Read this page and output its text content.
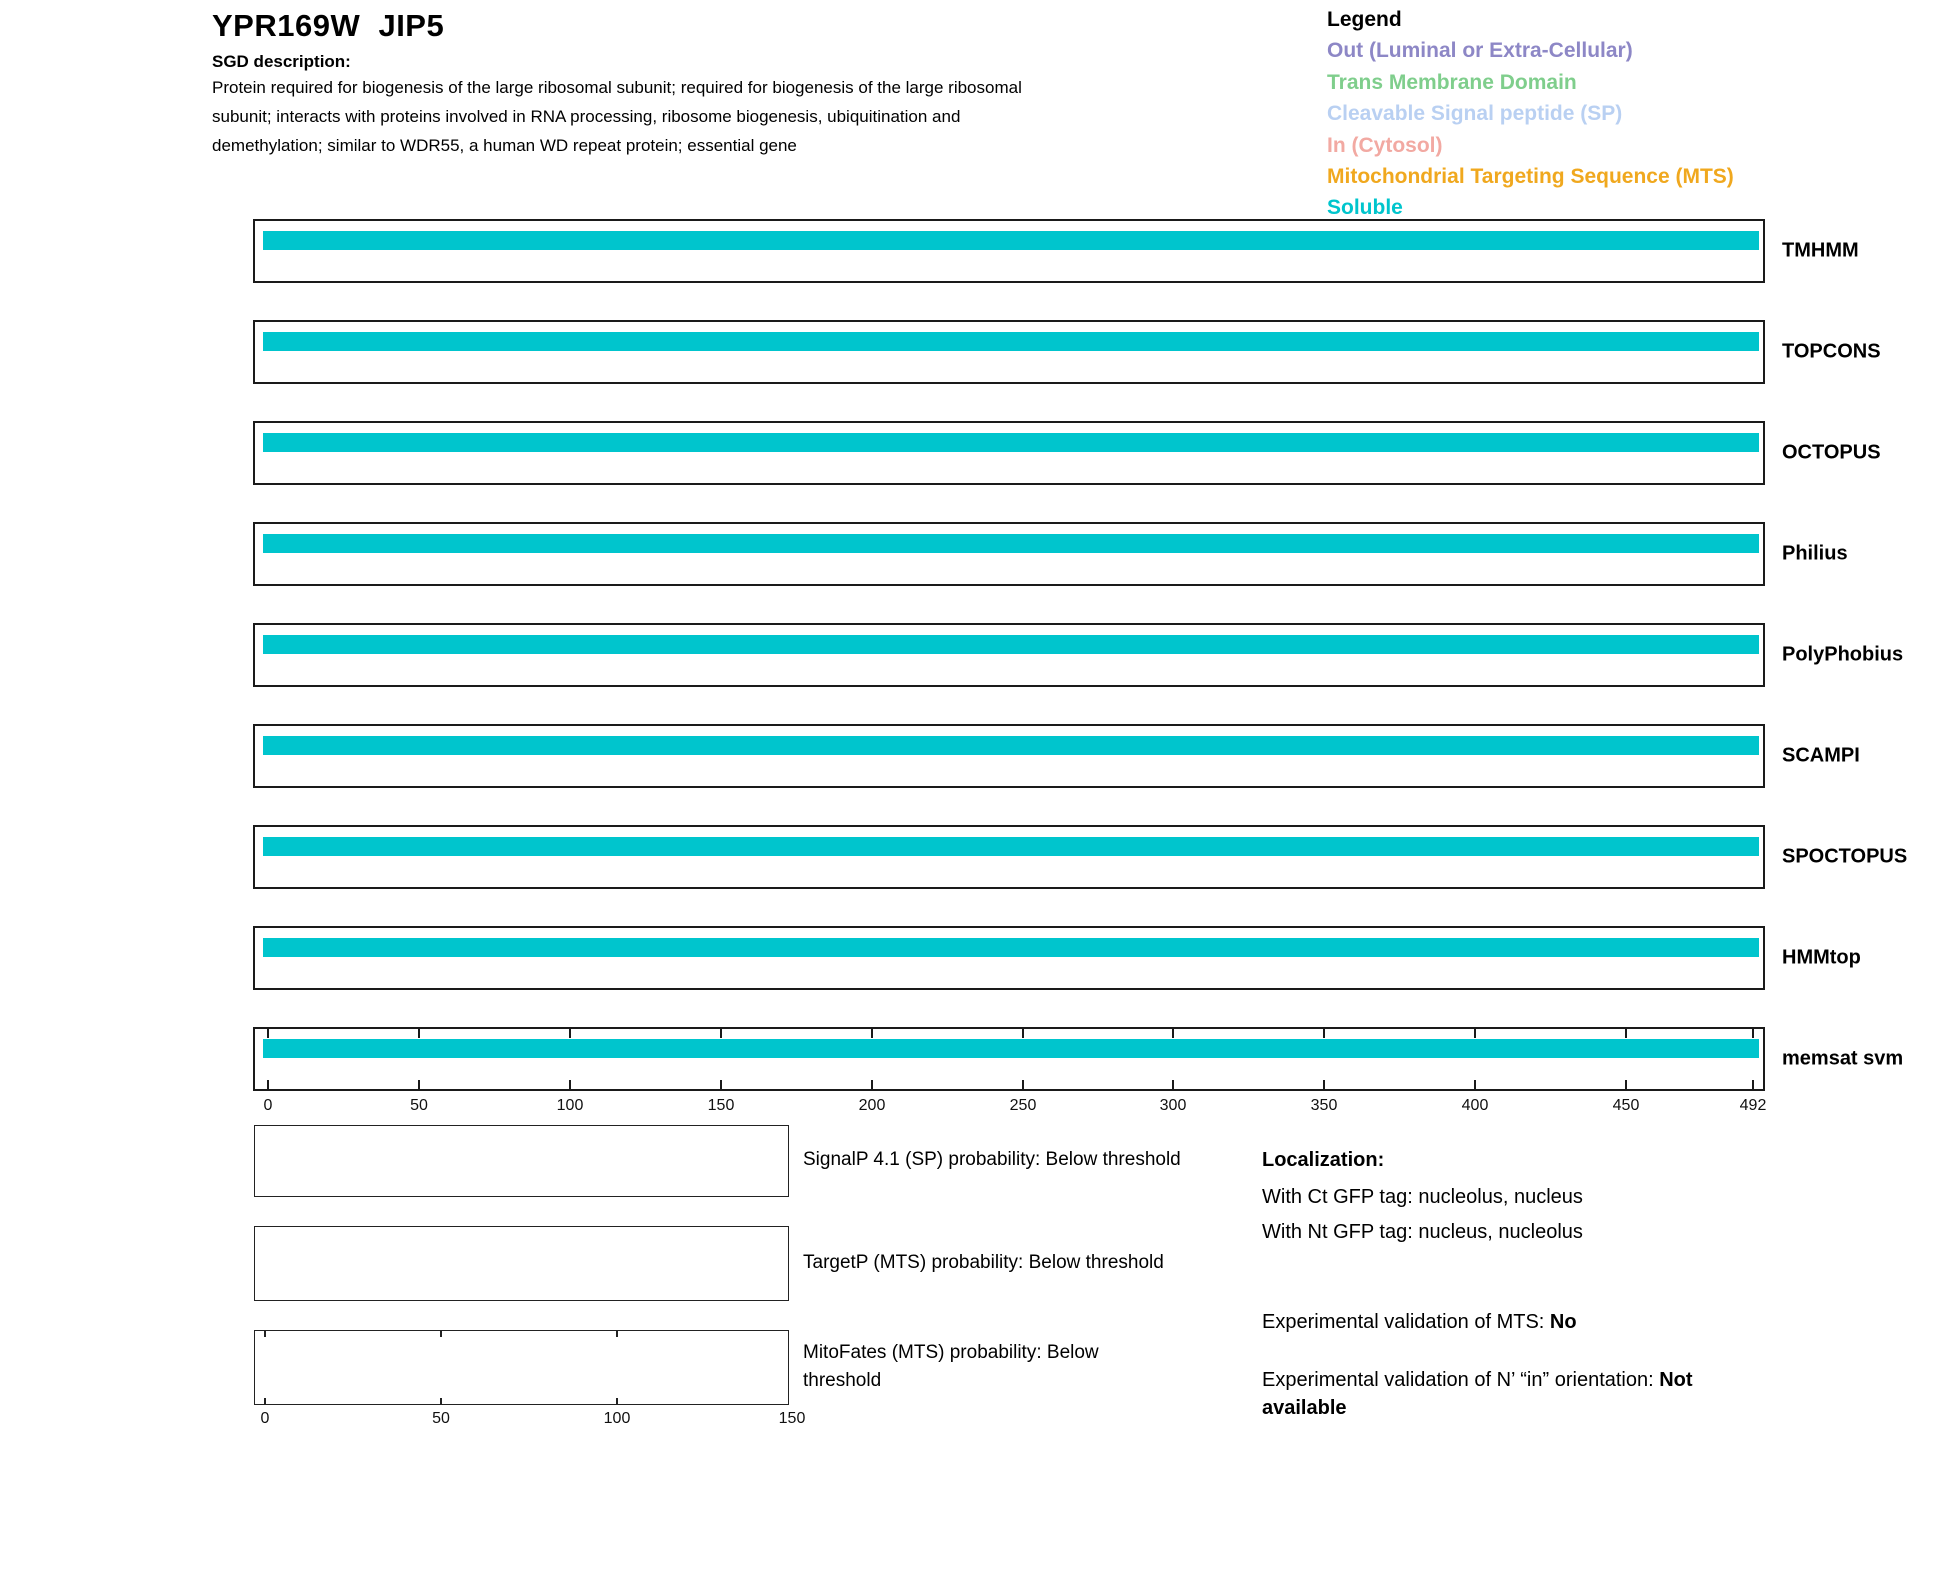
YPR169W  JIP5
SGD description:
Protein required for biogenesis of the large ribosomal subunit; required for biogenesis of the large ribosomal subunit; interacts with proteins involved in RNA processing, ribosome biogenesis, ubiquitination and demethylation; similar to WDR55, a human WD repeat protein; essential gene
Legend
Out (Luminal or Extra-Cellular)
Trans Membrane Domain
Cleavable Signal peptide (SP)
In (Cytosol)
Mitochondrial Targeting Sequence (MTS)
Soluble
TMHMM
TOPCONS
OCTOPUS
Philius
PolyPhobius
SCAMPI
SPOCTOPUS
HMMtop
memsat svm
0	50	100	150	200	250	300	350	400	450	492
SignalP 4.1 (SP) probability: Below threshold
TargetP (MTS) probability: Below threshold
MitoFates (MTS) probability: Below threshold
0	50	100	150
Localization:
With Ct GFP tag: nucleolus, nucleus
With Nt GFP tag: nucleus, nucleolus
Experimental validation of MTS: No
Experimental validation of N’ “in” orientation: Not available
